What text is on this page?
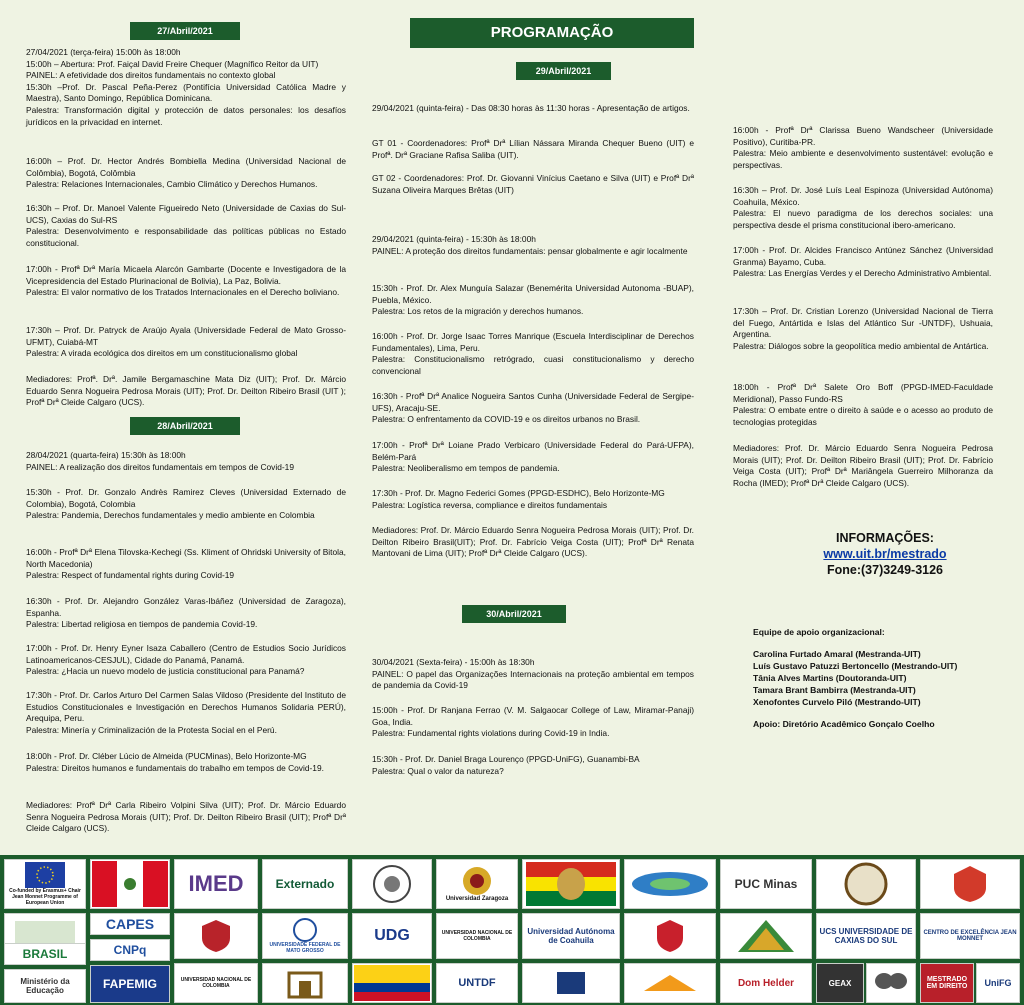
27/Abril/2021

27/04/2021 (terça-feira) 15:00h às 18:00h

15:00h – Abertura: Prof. Faiçal David Freire Chequer (Magnífico Reitor da UIT)

PAINEL: A efetividade dos direitos fundamentais no contexto global

15:30h –Prof. Dr. Pascal Peña-Perez (Pontifícia Universidad Católica Madre y Maestra), Santo Domingo, República Dominicana.

Palestra: Transformación digital y protección de datos personales: los desafíos jurídicos en la privacidad en internet.

16:00h – Prof. Dr. Hector Andrés Bombiella Medina (Universidad Nacional de Colômbia), Bogotá, Colômbia

Palestra: Relaciones Internacionales, Cambio Climático y Derechos Humanos.

16:30h – Prof. Dr. Manoel Valente Figueiredo Neto (Universidade de Caxias do Sul-UCS), Caxias do Sul-RS

Palestra: Desenvolvimento e responsabilidade das políticas públicas no Estado constitucional.

17:00h - Profª Drª María Micaela Alarcón Gambarte (Docente e Investigadora de la Vicepresidencia del Estado Plurinacional de Bolivia), La Paz, Bolivia.

Palestra: El valor normativo de los Tratados Internacionales en el Derecho boliviano.

17:30h – Prof. Dr. Patryck de Araújo Ayala (Universidade Federal de Mato Grosso-UFMT), Cuiabá-MT

Palestra: A virada ecológica dos direitos em um constitucionalismo global

Mediadores: Profª. Drª. Jamile Bergamaschine Mata Diz (UIT); Prof. Dr. Márcio Eduardo Senra Nogueira Pedrosa Morais (UIT); Prof. Dr. Deilton Ribeiro Brasil (UIT ); Profª Drª Cleide Calgaro (UCS).

28/Abril/2021

28/04/2021 (quarta-feira) 15:30h às 18:00h

PAINEL: A realização dos direitos fundamentais em tempos de Covid-19

15:30h - Prof. Dr. Gonzalo Andrès Ramirez Cleves (Universidad Externado de Colombia), Bogotá, Colombia

Palestra: Pandemia, Derechos fundamentales y medio ambiente en Colombia

16:00h - Profª Drª Elena Tilovska-Kechegi (Ss. Kliment of Ohridski University of Bitola, North Macedonia)

Palestra: Respect of fundamental rights during Covid-19

16:30h - Prof. Dr. Alejandro González Varas-Ibáñez (Universidad de Zaragoza), Espanha.

Palestra: Libertad religiosa en tiempos de pandemia Covid-19.

17:00h - Prof. Dr. Henry Eyner Isaza Caballero (Centro de Estudios Socio Jurídicos Latinoamericanos-CESJUL), Cidade do Panamá, Panamá.

Palestra: ¿Hacia un nuevo modelo de justicia constitucional para Panamá?

17:30h - Prof. Dr. Carlos Arturo Del Carmen Salas Vildoso (Presidente del Instituto de Estudios Constitucionales e Investigación en Derechos Humanos Solidaria PERÚ), Arequipa, Peru.

Palestra: Minería y Criminalización de la Protesta Social en el Perú.

18:00h - Prof. Dr. Cléber Lúcio de Almeida (PUCMinas), Belo Horizonte-MG

Palestra: Direitos humanos e fundamentais do trabalho em tempos de Covid-19.

Mediadores: Profª Drª Carla Ribeiro Volpini Silva (UIT); Prof. Dr. Márcio Eduardo Senra Nogueira Pedrosa Morais (UIT); Prof. Dr. Deilton Ribeiro Brasil (UIT); Profª Drª Cleide Calgaro (UCS).

PROGRAMAÇÃO
29/Abril/2021

29/04/2021 (quinta-feira) - Das 08:30 horas às 11:30 horas - Apresentação de artigos.

GT 01 - Coordenadores: Profª Drª Lílian Nássara Miranda Chequer Bueno (UIT) e Profª. Drª Graciane Rafisa Saliba (UIT).

GT 02 - Coordenadores: Prof. Dr. Giovanni Vinícius Caetano e Silva (UIT) e Profª Drª Suzana Oliveira Marques Brêtas (UIT)

29/04/2021 (quinta-feira) - 15:30h às 18:00h

PAINEL: A proteção dos direitos fundamentais: pensar globalmente e agir localmente

15:30h - Prof. Dr. Alex Munguía Salazar (Benemérita Universidad Autonoma -BUAP), Puebla, México.

Palestra: Los retos de la migración y derechos humanos.

16:00h - Prof. Dr. Jorge Isaac Torres Manrique (Escuela Interdisciplinar de Derechos Fundamentales), Lima, Peru.

Palestra: Constitucionalismo retrógrado, cuasi constitucionalismo y derecho convencional

16:30h - Profª Drª Analice Nogueira Santos Cunha (Universidade Federal de Sergipe-UFS), Aracaju-SE.

Palestra: O enfrentamento da COVID-19 e os direitos urbanos no Brasil.

17:00h - Profª Drª Loiane Prado Verbicaro (Universidade Federal do Pará-UFPA), Belém-Pará

Palestra: Neoliberalismo em tempos de pandemia.

17:30h - Prof. Dr. Magno Federici Gomes (PPGD-ESDHC), Belo Horizonte-MG

Palestra: Logística reversa, compliance e direitos fundamentais

Mediadores: Prof. Dr. Márcio Eduardo Senra Nogueira Pedrosa Morais (UIT); Prof. Dr. Deilton Ribeiro Brasil(UIT); Prof. Dr. Fabrício Veiga Costa (UIT); Profª Drª Renata Mantovani de Lima (UIT); Profª Drª Cleide Calgaro (UCS).

30/Abril/2021

30/04/2021 (Sexta-feira) - 15:00h às 18:30h

PAINEL: O papel das Organizações Internacionais na proteção ambiental em tempos de pandemia da Covid-19

15:00h - Prof. Dr Ranjana Ferrao (V. M. Salgaocar College of Law, Miramar-Panaji) Goa, India.

Palestra: Fundamental rights violations during Covid-19 in India.

15:30h - Prof. Dr. Daniel Braga Lourenço (PPGD-UniFG), Guanambi-BA

Palestra: Qual o valor da natureza?

16:00h - Profª Drª Clarissa Bueno Wandscheer (Universidade Positivo), Curitiba-PR.

Palestra: Meio ambiente e desenvolvimento sustentável: evolução e perspectivas.

16:30h – Prof. Dr. José Luís Leal Espinoza (Universidad Autónoma) Coahuila, México.

Palestra: El nuevo paradigma de los derechos sociales: una perspectiva desde el prisma constitucional ibero-americano.

17:00h - Prof. Dr. Alcides Francisco Antúnez Sánchez (Universidad Granma) Bayamo, Cuba.

Palestra: Las Energías Verdes y el Derecho Administrativo Ambiental.

17:30h – Prof. Dr. Cristian Lorenzo (Universidad Nacional de Tierra del Fuego, Antártida e Islas del Atlántico Sur -UNTDF), Ushuaia, Argentina.

Palestra: Diálogos sobre la geopolítica medio ambiental de Antártica.

18:00h - Profª Drª Salete Oro Boff (PPGD-IMED-Faculdade Meridional), Passo Fundo-RS

Palestra: O embate entre o direito à saúde e o acesso ao produto de tecnologias protegidas

Mediadores: Prof. Dr. Márcio Eduardo Senra Nogueira Pedrosa Morais (UIT); Prof. Dr. Deilton Ribeiro Brasil (UIT); Prof. Dr. Fabrício Veiga Costa (UIT); Profª Drª Mariângela Guerreiro Milhoranza da Rocha (IMED); Profª Drª Cleide Calgaro (UCS).

INFORMAÇÕES:
www.uit.br/mestrado
Fone:(37)3249-3126

Equipe de apoio organizacional:

Carolina Furtado Amaral (Mestranda-UIT)

Luís Gustavo Patuzzi Bertoncello (Mestrando-UIT)

Tânia Alves Martins (Doutoranda-UIT)

Tamara Brant Bambirra (Mestranda-UIT)

Xenofontes Curvelo Piló (Mestrando-UIT)

Apoio: Diretório Acadêmico Gonçalo Coelho

Co-funded by Erasmus+ Chair Jean Monnet Programme of European Union
IMED	Externado
Universidad Zaragoza
PUC Minas
CAPES
UNIVERSIDADE FEDERAL DE MATO GROSSO
UDG	UNIVERSIDAD NACIONAL DE COLOMBIA
Universidad Autónoma de Coahuila
UCS UNIVERSIDADE DE CAXIAS DO SUL
CENTRO DE EXCELÊNCIA JEAN MONNET
BRASIL	CNPq
Ministério da Educação	FAPEMIG	UNIVERSIDAD NACIONAL DE COLOMBIA	UNTDF	Dom Helder	GEAX	MESTRADO EM DIREITO	UniFG
